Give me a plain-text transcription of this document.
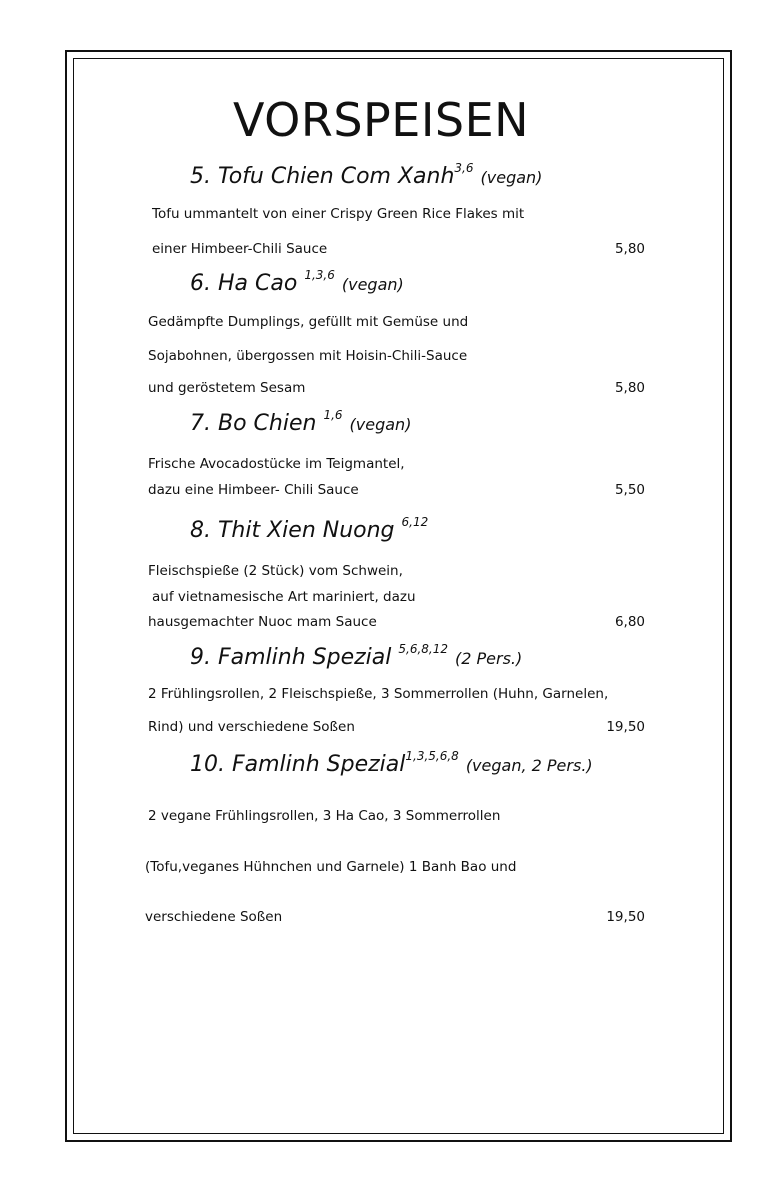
VORSPEISEN
5. Tofu Chien Com Xanh$^{3,6}$ (vegan)
Tofu ummantelt von einer Crispy Green Rice Flakes mit
einer Himbeer-Chili Sauce	5,80
6. Ha Cao $^{1,3,6}$ (vegan)
Gedämpfte Dumplings, gefüllt mit Gemüse und
Sojabohnen, übergossen mit Hoisin-Chili-Sauce
und geröstetem Sesam	5,80
7. Bo Chien $^{1,6}$ (vegan)
Frische Avocadostücke im Teigmantel,
dazu eine Himbeer- Chili Sauce	5,50
8. Thit Xien Nuong $^{6,12}$
Fleischspieße (2 Stück) vom Schwein,
auf vietnamesische Art mariniert, dazu
hausgemachter Nuoc mam Sauce	6,80
9. Famlinh Spezial $^{5,6,8,12}$ (2 Pers.)
2 Frühlingsrollen, 2 Fleischspieße, 3 Sommerrollen (Huhn, Garnelen,
Rind) und verschiedene Soßen	19,50
10. Famlinh Spezial$^{1,3,5,6,8}$ (vegan, 2 Pers.)
2 vegane Frühlingsrollen, 3 Ha Cao, 3 Sommerrollen
(Tofu,veganes Hühnchen und Garnele) 1 Banh Bao und
verschiedene Soßen	19,50
